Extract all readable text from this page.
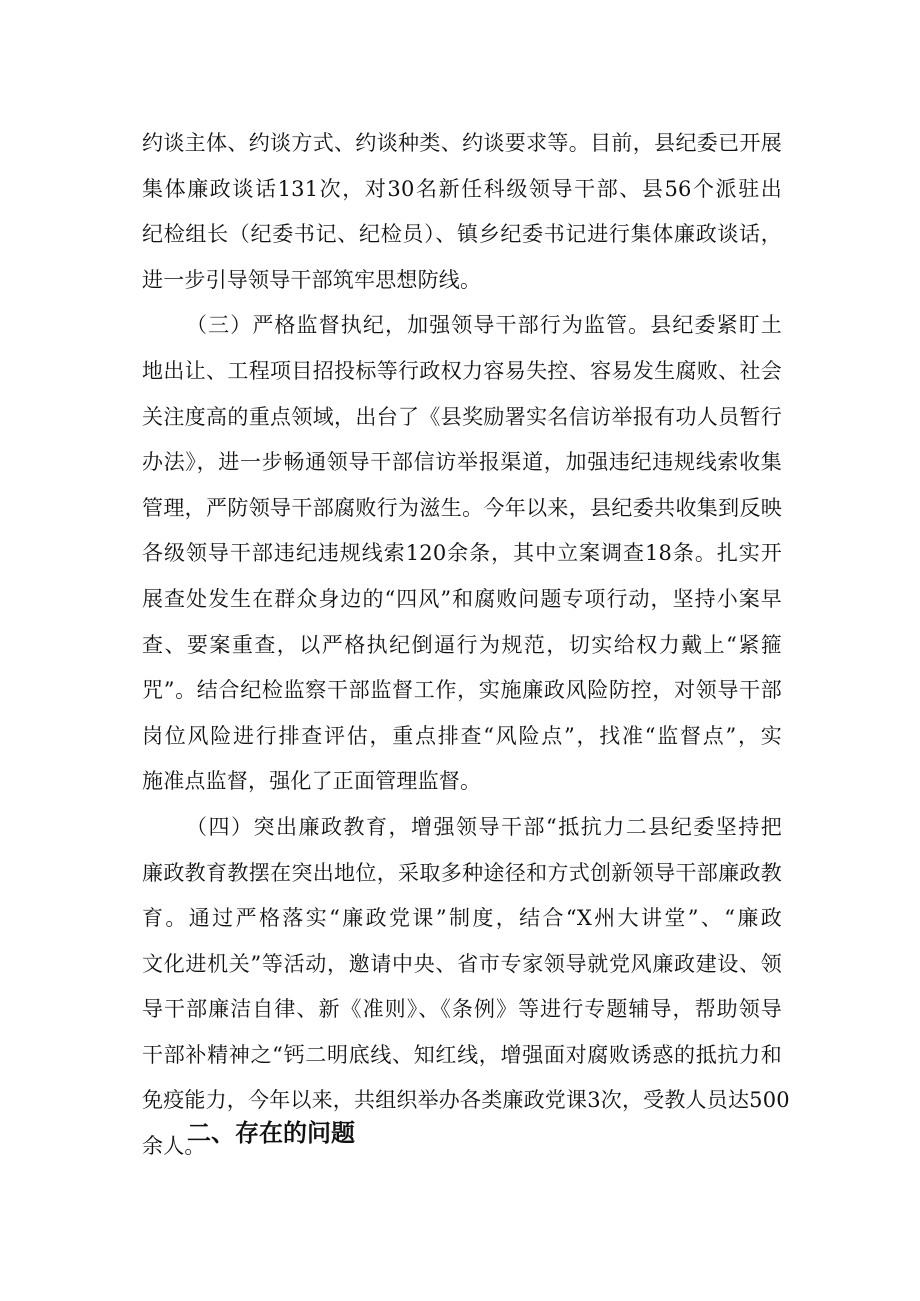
约谈主体、约谈方式、约谈种类、约谈要求等。目前，县纪委已开展
集体廉政谈话131次，对30名新任科级领导干部、县56个派驻出
纪检组长（纪委书记、纪检员）、镇乡纪委书记进行集体廉政谈话，
进一步引导领导干部筑牢思想防线。
（三）严格监督执纪，加强领导干部行为监管。县纪委紧盯土
地出让、工程项目招投标等行政权力容易失控、容易发生腐败、社会
关注度高的重点领域，出台了《县奖励署实名信访举报有功人员暂行
办法》，进一步畅通领导干部信访举报渠道，加强违纪违规线索收集
管理，严防领导干部腐败行为滋生。今年以来，县纪委共收集到反映
各级领导干部违纪违规线索120余条，其中立案调查18条。扎实开
展查处发生在群众身边的“四风”和腐败问题专项行动，坚持小案早
查、要案重查，以严格执纪倒逼行为规范，切实给权力戴上“紧箍
咒”。结合纪检监察干部监督工作，实施廉政风险防控，对领导干部
岗位风险进行排查评估，重点排查“风险点”，找准“监督点”，实
施准点监督，强化了正面管理监督。
（四）突出廉政教育，增强领导干部“抵抗力二县纪委坚持把
廉政教育教摆在突出地位，采取多种途径和方式创新领导干部廉政教
育。通过严格落实“廉政党课”制度，结合“X州大讲堂”、“廉政
文化进机关”等活动，邀请中央、省市专家领导就党风廉政建设、领
导干部廉洁自律、新《准则》、《条例》等进行专题辅导，帮助领导
干部补精神之“钙二明底线、知红线，增强面对腐败诱惑的抵抗力和
免疫能力，今年以来，共组织举办各类廉政党课3次，受教人员达500
余人。
二、存在的问题
